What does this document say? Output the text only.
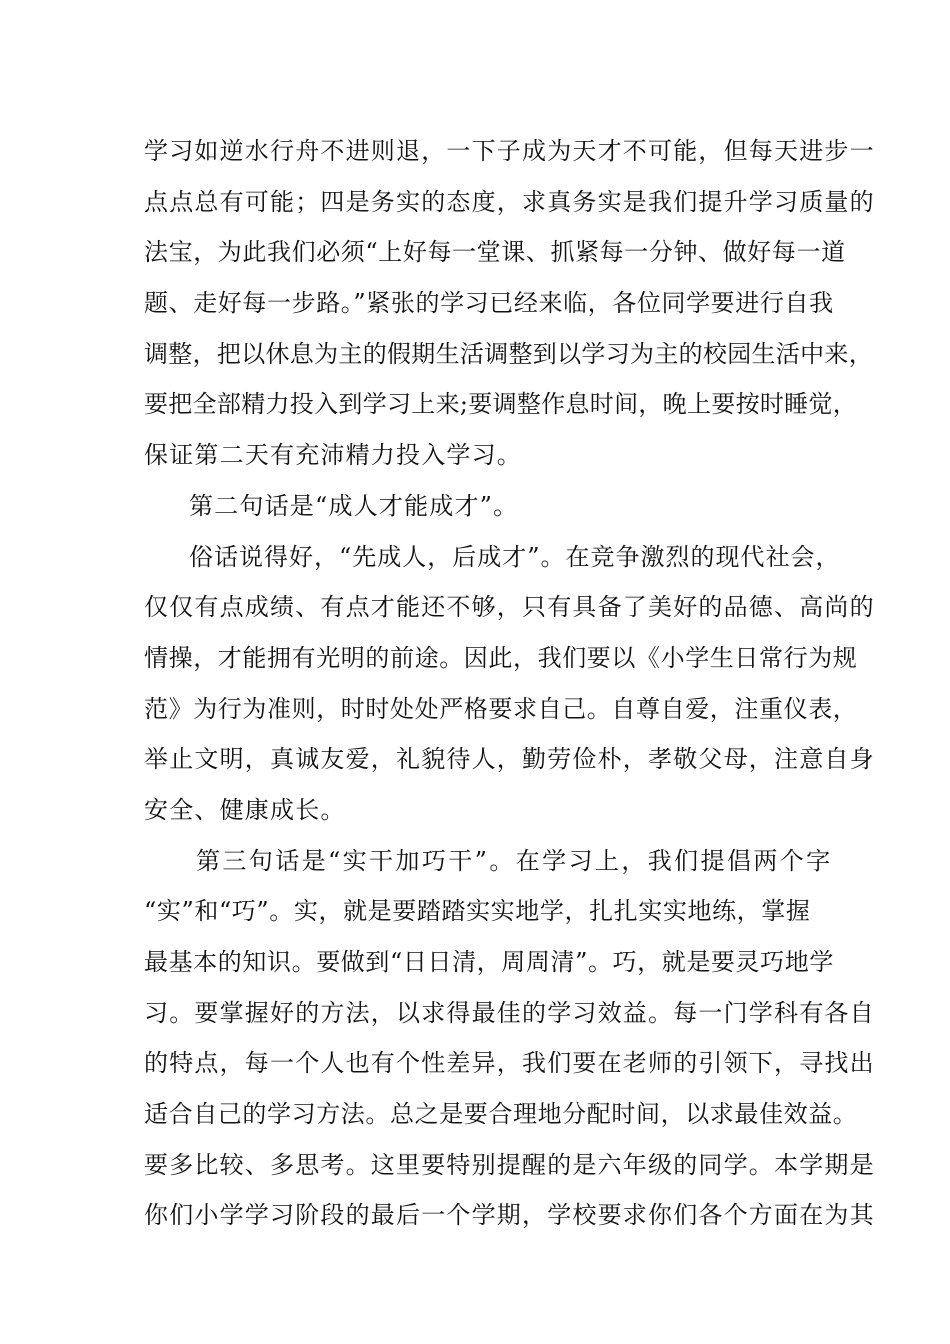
学习如逆水行舟不进则退，一下子成为天才不可能，但每天进步一
点点总有可能；四是务实的态度，求真务实是我们提升学习质量的
法宝，为此我们必须“上好每一堂课、抓紧每一分钟、做好每一道
题、走好每一步路。”紧张的学习已经来临，各位同学要进行自我
调整，把以休息为主的假期生活调整到以学习为主的校园生活中来，
要把全部精力投入到学习上来;要调整作息时间，晚上要按时睡觉，
保证第二天有充沛精力投入学习。
第二句话是“成人才能成才”。
俗话说得好，“先成人，后成才”。在竞争激烈的现代社会，
仅仅有点成绩、有点才能还不够，只有具备了美好的品德、高尚的
情操，才能拥有光明的前途。因此，我们要以《小学生日常行为规
范》为行为准则，时时处处严格要求自己。自尊自爱，注重仪表，
举止文明，真诚友爱，礼貌待人，勤劳俭朴，孝敬父母，注意自身
安全、健康成长。
第三句话是“实干加巧干”。在学习上，我们提倡两个字
“实”和“巧”。实，就是要踏踏实实地学，扎扎实实地练，掌握
最基本的知识。要做到“日日清，周周清”。巧，就是要灵巧地学
习。要掌握好的方法，以求得最佳的学习效益。每一门学科有各自
的特点，每一个人也有个性差异，我们要在老师的引领下，寻找出
适合自己的学习方法。总之是要合理地分配时间，以求最佳效益。
要多比较、多思考。这里要特别提醒的是六年级的同学。本学期是
你们小学学习阶段的最后一个学期，学校要求你们各个方面在为其
